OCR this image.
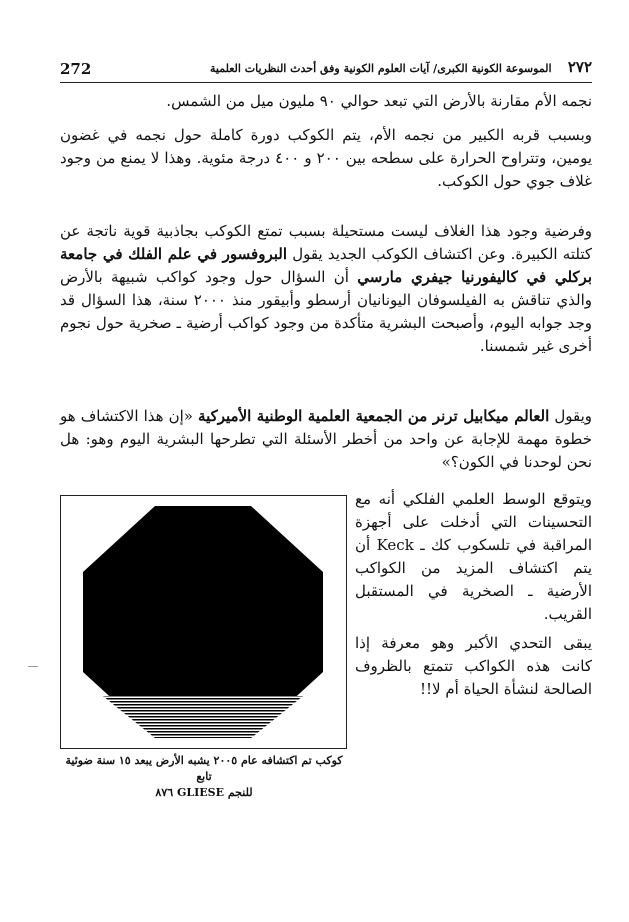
272	الموسوعة الكونية الكبرى/ آيات العلوم الكونية وفق أحدث النظريات العلمية ٢٧٢

نجمه الأم مقارنة بالأرض التي تبعد حوالي ٩٠ مليون ميل من الشمس.

وبسبب قربه الكبير من نجمه الأم، يتم الكوكب دورة كاملة حول نجمه في غضون يومين، وتتراوح الحرارة على سطحه بين ٢٠٠ و ٤٠٠ درجة مئوية. وهذا لا يمنع من وجود غلاف جوي حول الكوكب.

وفرضية وجود هذا الغلاف ليست مستحيلة بسبب تمتع الكوكب بجاذبية قوية ناتجة عن كتلته الكبيرة. وعن اكتشاف الكوكب الجديد يقول البروفسور في علم الفلك في جامعة بركلي في كاليفورنيا جيفري مارسي أن السؤال حول وجود كواكب شبيهة بالأرض والذي تناقش به الفيلسوفان اليونانيان أرسطو وأبيقور منذ ٢٠٠٠ سنة، هذا السؤال قد وجد جوابه اليوم، وأصبحت البشرية متأكدة من وجود كواكب أرضية ـ صخرية حول نجوم أخرى غير شمسنا.

ويقول العالم ميكابيل ترنر من الجمعية العلمية الوطنية الأميركية «إن هذا الاكتشاف هو خطوة مهمة للإجابة عن واحد من أخطر الأسئلة التي تطرحها البشرية اليوم وهو: هل نحن لوحدنا في الكون؟»

ويتوقع الوسط العلمي الفلكي أنه مع التحسينات التي أدخلت على أجهزة المراقبة في تلسكوب كك ـ Keck أن يتم اكتشاف المزيد من الكواكب الأرضية ـ الصخرية في المستقبل القريب.

يبقى التحدي الأكبر وهو معرفة إذا كانت هذه الكواكب تتمتع بالظروف الصالحة لنشأة الحياة أم لا!!

كوكب تم اكتشافه عام ٢٠٠٥ يشبه الأرض يبعد ١٥ سنة ضوئية تابع
للنجم GLIESE ٨٧٦
